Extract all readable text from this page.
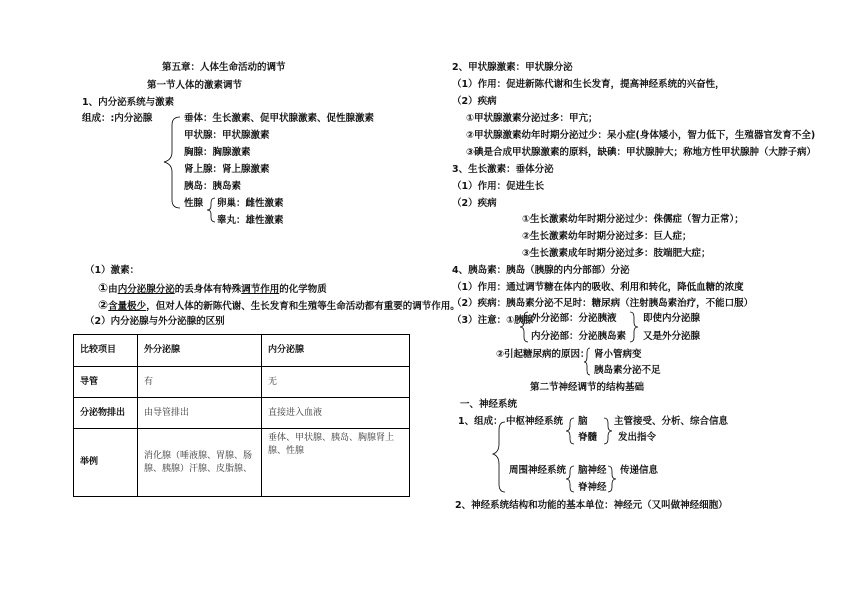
第五章：人体生命活动的调节
第一节人体的激素调节
1、内分泌系统与激素
组成：:内分泌腺	垂体：生长激素、促甲状腺激素、促性腺激素
甲状腺：甲状腺激素
胸腺：胸腺激素
肾上腺：肾上腺激素
胰岛：胰岛素
性腺 卵巢：雌性激素
睾丸：雄性激素
（1）激素：
①由内分泌腺分泌的丢身体有特殊调节作用的化学物质
②含量极少，但对人体的新陈代谢、生长发育和生殖等生命活动都有重要的调节作用。
（2）内分泌腺与外分泌腺的区别
比较项目	外分泌腺	内分泌腺
导管	有	无
分泌物排出	由导管排出	直接进入血液
举例	消化腺（唾液腺、胃腺、肠腺、胰腺）汗腺、皮脂腺、	垂体、甲状腺、胰岛、胸腺肾上腺、性腺
2、甲状腺激素：甲状腺分泌
（1）作用：促进新陈代谢和生长发育，提高神经系统的兴奋性，
（2）疾病
①甲状腺激素分泌过多：甲亢；
②甲状腺激素幼年时期分泌过少：呆小症(身体矮小，智力低下，生殖器官发育不全)
③碘是合成甲状腺激素的原料，缺碘：甲状腺肿大；称地方性甲状腺肿（大脖子病）
3、生长激素：垂体分泌
（1）作用：促进生长
（2）疾病
①生长激素幼年时期分泌过少：侏儒症（智力正常）；
②生长激素幼年时期分泌过多：巨人症；
③生长激素成年时期分泌过多：肢端肥大症；
4、胰岛素：胰岛（胰腺的内分部部）分泌
（1）作用：通过调节糖在体内的吸收、利用和转化，降低血糖的浓度
（2）疾病：胰岛素分泌不足时：糖尿病（注射胰岛素治疗，不能口服）
（3）注意：①胰腺
外分泌部：分泌胰液
内分泌部：分泌胰岛素
即使内分泌腺
又是外分泌腺
②引起糖尿病的原因： 肾小管病变
胰岛素分泌不足
第二节神经调节的结构基础
一、神经系统
1、组成： 中枢神经系统 脑
脊髓
主管接受、分析、综合信息
发出指令
周围神经系统 脑神经
脊神经
传递信息
2、神经系统结构和功能的基本单位：神经元（又叫做神经细胞）
